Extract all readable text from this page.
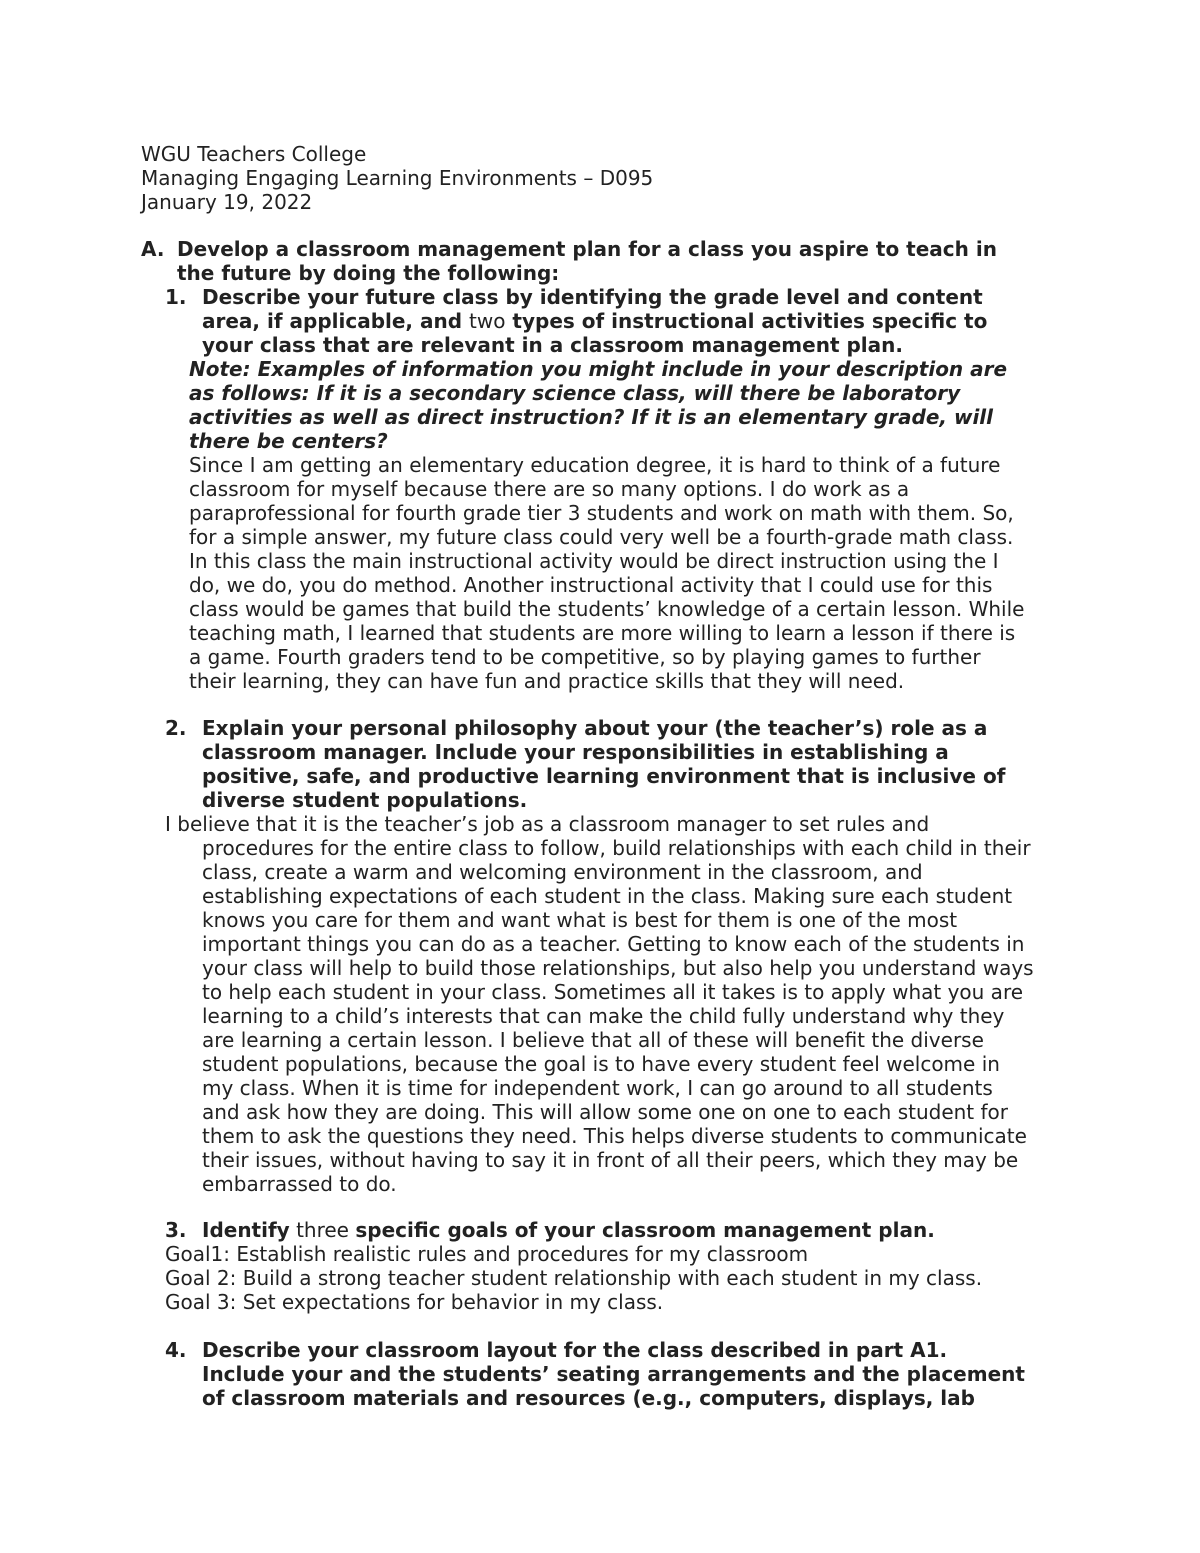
WGU Teachers College
Managing Engaging Learning Environments – D095
January 19, 2022
A. Develop a classroom management plan for a class you aspire to teach in
the future by doing the following:
1. Describe your future class by identifying the grade level and content
area, if applicable, and two types of instructional activities specific to
your class that are relevant in a classroom management plan.
Note: Examples of information you might include in your description are
as follows: If it is a secondary science class, will there be laboratory
activities as well as direct instruction? If it is an elementary grade, will
there be centers?
Since I am getting an elementary education degree, it is hard to think of a future
classroom for myself because there are so many options. I do work as a
paraprofessional for fourth grade tier 3 students and work on math with them. So,
for a simple answer, my future class could very well be a fourth-grade math class.
In this class the main instructional activity would be direct instruction using the I
do, we do, you do method. Another instructional activity that I could use for this
class would be games that build the students’ knowledge of a certain lesson. While
teaching math, I learned that students are more willing to learn a lesson if there is
a game. Fourth graders tend to be competitive, so by playing games to further
their learning, they can have fun and practice skills that they will need.
2. Explain your personal philosophy about your (the teacher’s) role as a
classroom manager. Include your responsibilities in establishing a
positive, safe, and productive learning environment that is inclusive of
diverse student populations.
I believe that it is the teacher’s job as a classroom manager to set rules and
procedures for the entire class to follow, build relationships with each child in their
class, create a warm and welcoming environment in the classroom, and
establishing expectations of each student in the class. Making sure each student
knows you care for them and want what is best for them is one of the most
important things you can do as a teacher. Getting to know each of the students in
your class will help to build those relationships, but also help you understand ways
to help each student in your class. Sometimes all it takes is to apply what you are
learning to a child’s interests that can make the child fully understand why they
are learning a certain lesson. I believe that all of these will benefit the diverse
student populations, because the goal is to have every student feel welcome in
my class. When it is time for independent work, I can go around to all students
and ask how they are doing. This will allow some one on one to each student for
them to ask the questions they need. This helps diverse students to communicate
their issues, without having to say it in front of all their peers, which they may be
embarrassed to do.
3. Identify three specific goals of your classroom management plan.
Goal1: Establish realistic rules and procedures for my classroom
Goal 2: Build a strong teacher student relationship with each student in my class.
Goal 3: Set expectations for behavior in my class.
4. Describe your classroom layout for the class described in part A1.
Include your and the students’ seating arrangements and the placement
of classroom materials and resources (e.g., computers, displays, lab
